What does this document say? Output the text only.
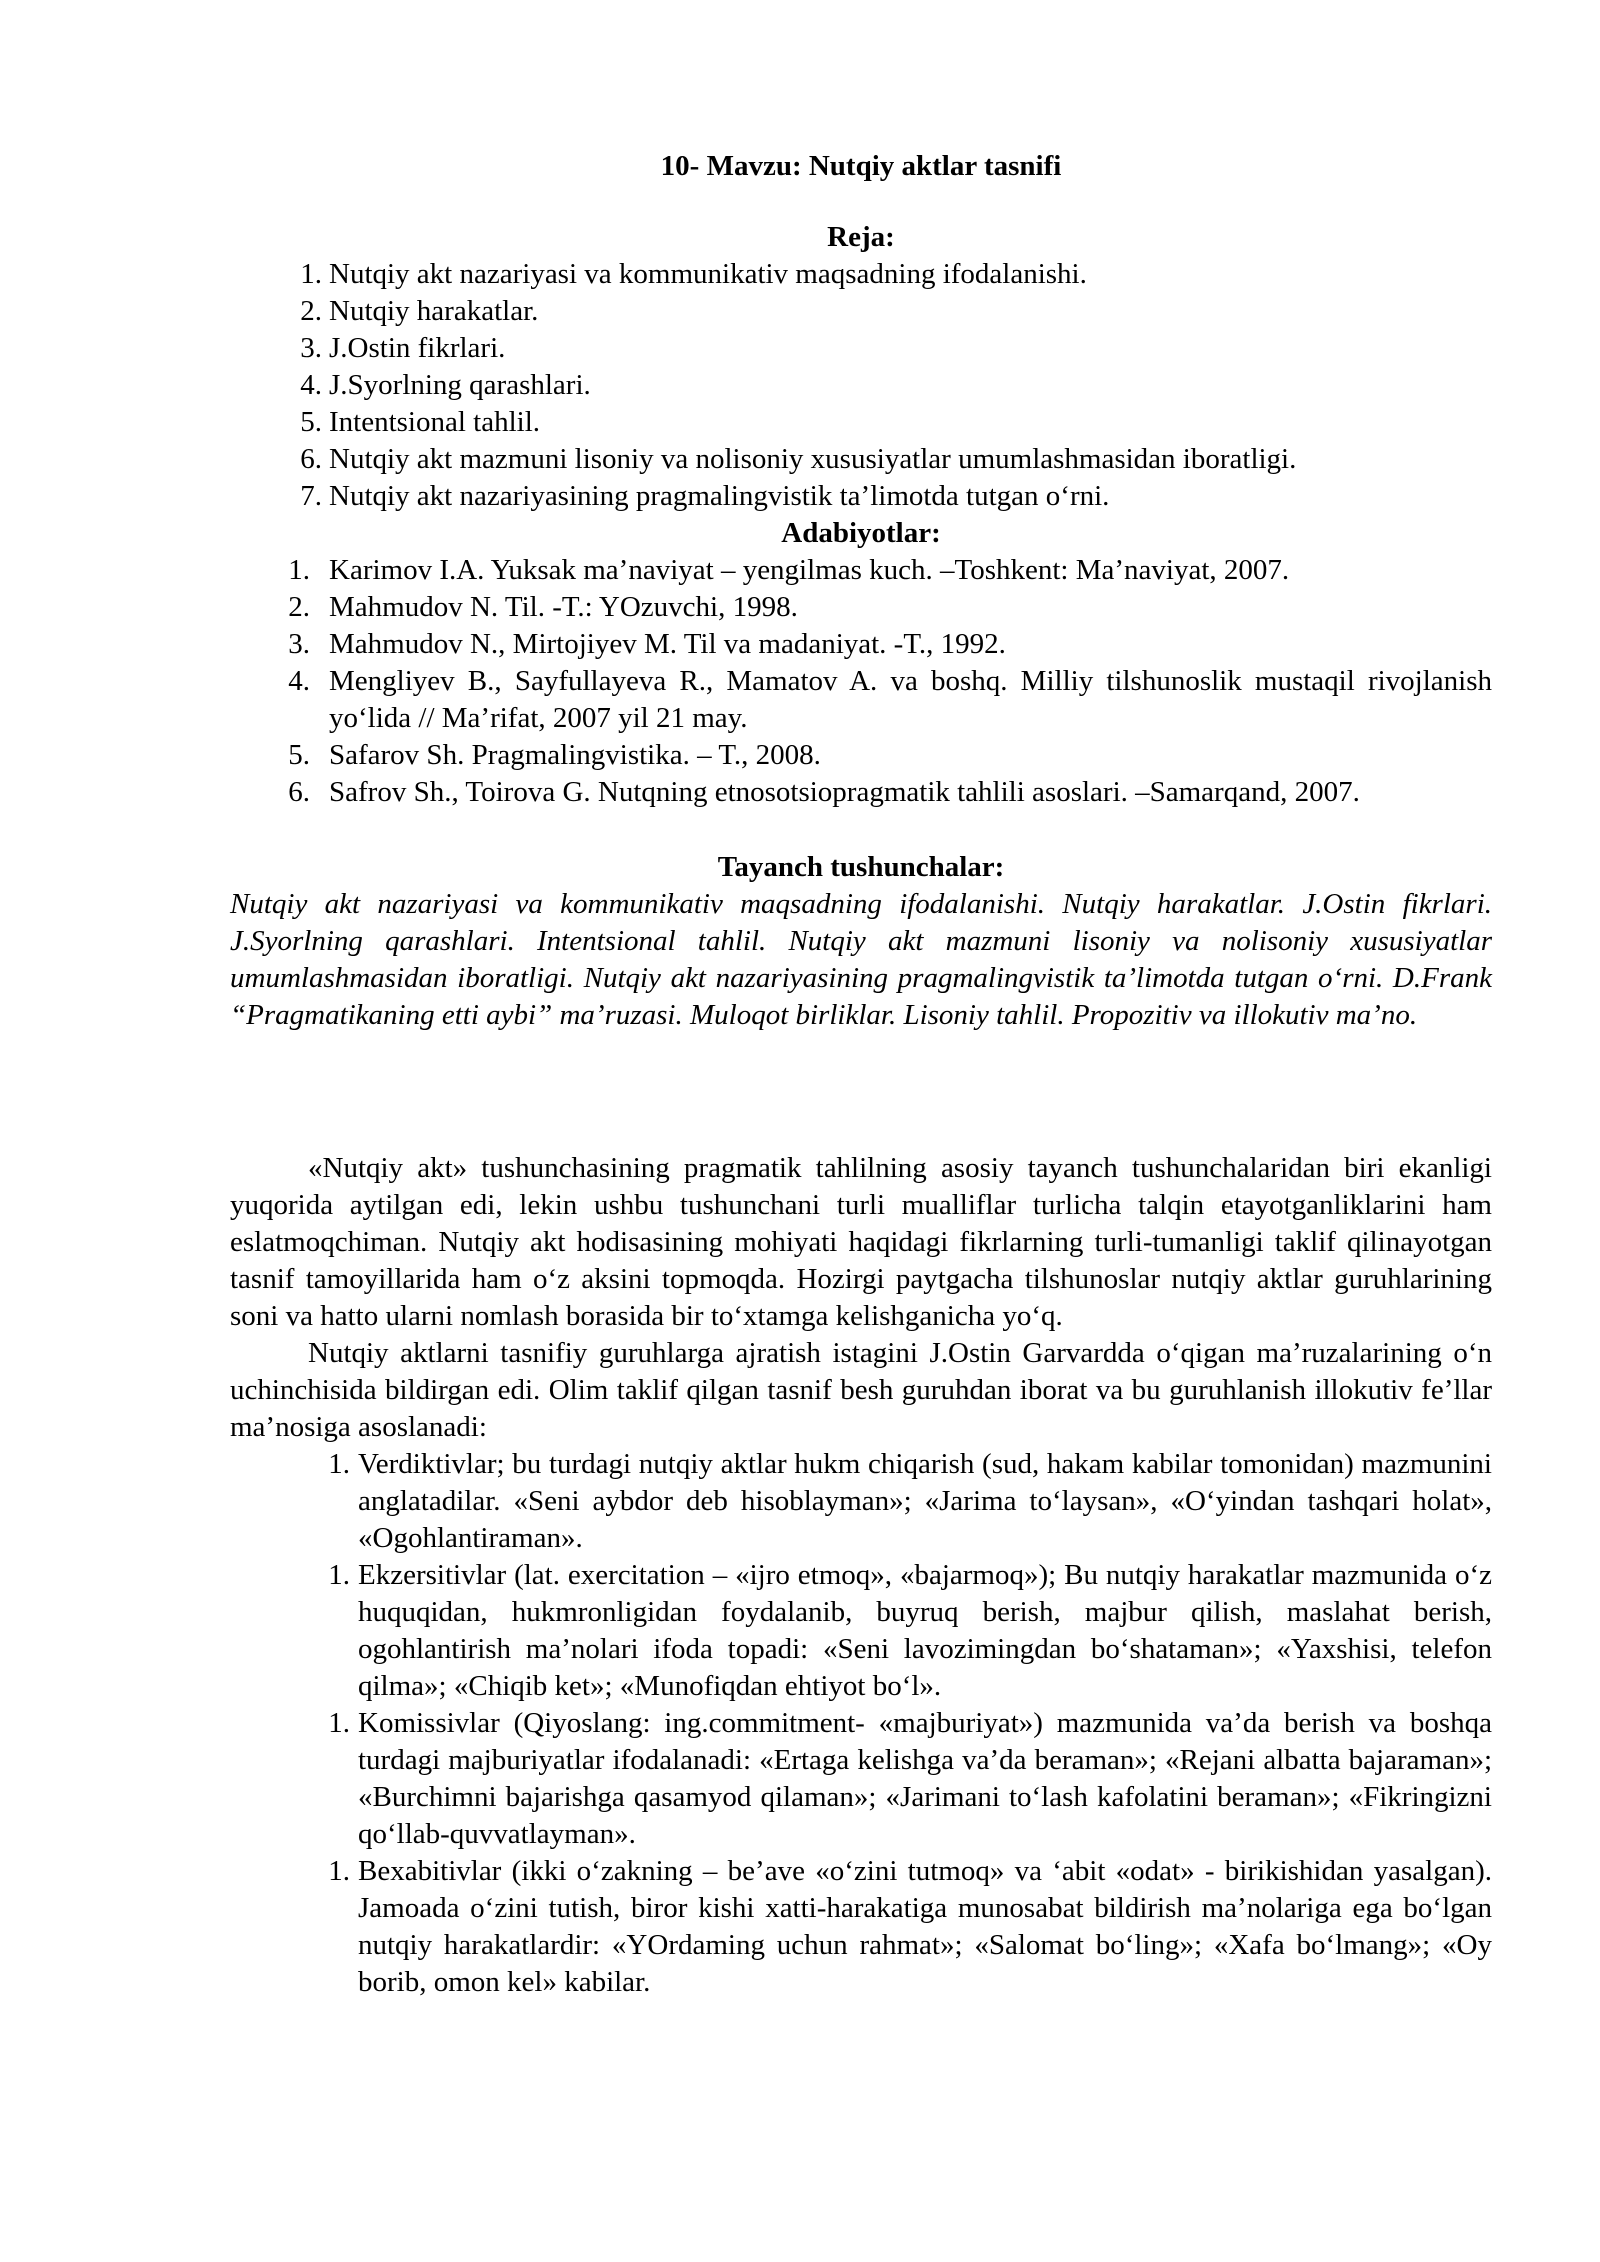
10- Mavzu: Nutqiy aktlar tasnifi

Reja:

1. Nutqiy akt nazariyasi va kommunikativ maqsadning ifodalanishi.
2. Nutqiy harakatlar.
3. J.Ostin fikrlari.
4. J.Syorlning qarashlari.
5. Intentsional tahlil.
6. Nutqiy akt mazmuni lisoniy va nolisoniy xususiyatlar umumlashmasidan iboratligi.
7. Nutqiy akt nazariyasining pragmalingvistik ta’limotda tutgan o‘rni.

Adabiyotlar:

1. Karimov I.A. Yuksak ma’naviyat – yengilmas kuch. –Toshkent: Ma’naviyat, 2007.
2. Mahmudov N. Til. -T.: YOzuvchi, 1998.
3. Mahmudov N., Mirtojiyev M. Til va madaniyat. -T., 1992.
4. Mengliyev B., Sayfullayeva R., Mamatov A. va boshq. Milliy tilshunoslik mustaqil rivojlanish yo‘lida // Ma’rifat, 2007 yil 21 may.
5. Safarov Sh. Pragmalingvistika. – T., 2008.
6. Safrov Sh., Toirova G. Nutqning etnosotsiopragmatik tahlili asoslari. –Samarqand, 2007.

Tayanch tushunchalar:

Nutqiy akt nazariyasi va kommunikativ maqsadning ifodalanishi. Nutqiy harakatlar. J.Ostin fikrlari. J.Syorlning qarashlari. Intentsional tahlil. Nutqiy akt mazmuni lisoniy va nolisoniy xususiyatlar umumlashmasidan iboratligi. Nutqiy akt nazariyasining pragmalingvistik ta’limotda tutgan o‘rni. D.Frank “Pragmatikaning etti aybi” ma’ruzasi. Muloqot birliklar. Lisoniy tahlil. Propozitiv va illokutiv ma’no.

«Nutqiy akt» tushunchasining pragmatik tahlilning asosiy tayanch tushunchalaridan biri ekanligi yuqorida aytilgan edi, lekin ushbu tushunchani turli mualliflar turlicha talqin etayotganliklarini ham eslatmoqchiman. Nutqiy akt hodisasining mohiyati haqidagi fikrlarning turli-tumanligi taklif qilinayotgan tasnif tamoyillarida ham o‘z aksini topmoqda. Hozirgi paytgacha tilshunoslar nutqiy aktlar guruhlarining soni va hatto ularni nomlash borasida bir to‘xtamga kelishganicha yo‘q.

Nutqiy aktlarni tasnifiy guruhlarga ajratish istagini J.Ostin Garvardda o‘qigan ma’ruzalarining o‘n uchinchisida bildirgan edi. Olim taklif qilgan tasnif besh guruhdan iborat va bu guruhlanish illokutiv fe’llar ma’nosiga asoslanadi:

1. Verdiktivlar; bu turdagi nutqiy aktlar hukm chiqarish (sud, hakam kabilar tomonidan) mazmunini anglatadilar. «Seni aybdor deb hisoblayman»; «Jarima to‘laysan», «O‘yindan tashqari holat», «Ogohlantiraman».
1. Ekzersitivlar (lat. exercitation – «ijro etmoq», «bajarmoq»); Bu nutqiy harakatlar mazmunida o‘z huquqidan, hukmronligidan foydalanib, buyruq berish, majbur qilish, maslahat berish, ogohlantirish ma’nolari ifoda topadi: «Seni lavozimingdan bo‘shataman»; «Yaxshisi, telefon qilma»; «Chiqib ket»; «Munofiqdan ehtiyot bo‘l».
1. Komissivlar (Qiyoslang: ing.commitment- «majburiyat») mazmunida va’da berish va boshqa turdagi majburiyatlar ifodalanadi: «Ertaga kelishga va’da beraman»; «Rejani albatta bajaraman»; «Burchimni bajarishga qasamyod qilaman»; «Jarimani to‘lash kafolatini beraman»; «Fikringizni qo‘llab-quvvatlayman».
1. Bexabitivlar (ikki o‘zakning – be’ave «o‘zini tutmoq» va ‘abit «odat» - birikishidan yasalgan). Jamoada o‘zini tutish, biror kishi xatti-harakatiga munosabat bildirish ma’nolariga ega bo‘lgan nutqiy harakatlardir: «YOrdaming uchun rahmat»; «Salomat bo‘ling»; «Xafa bo‘lmang»; «Oy borib, omon kel» kabilar.
